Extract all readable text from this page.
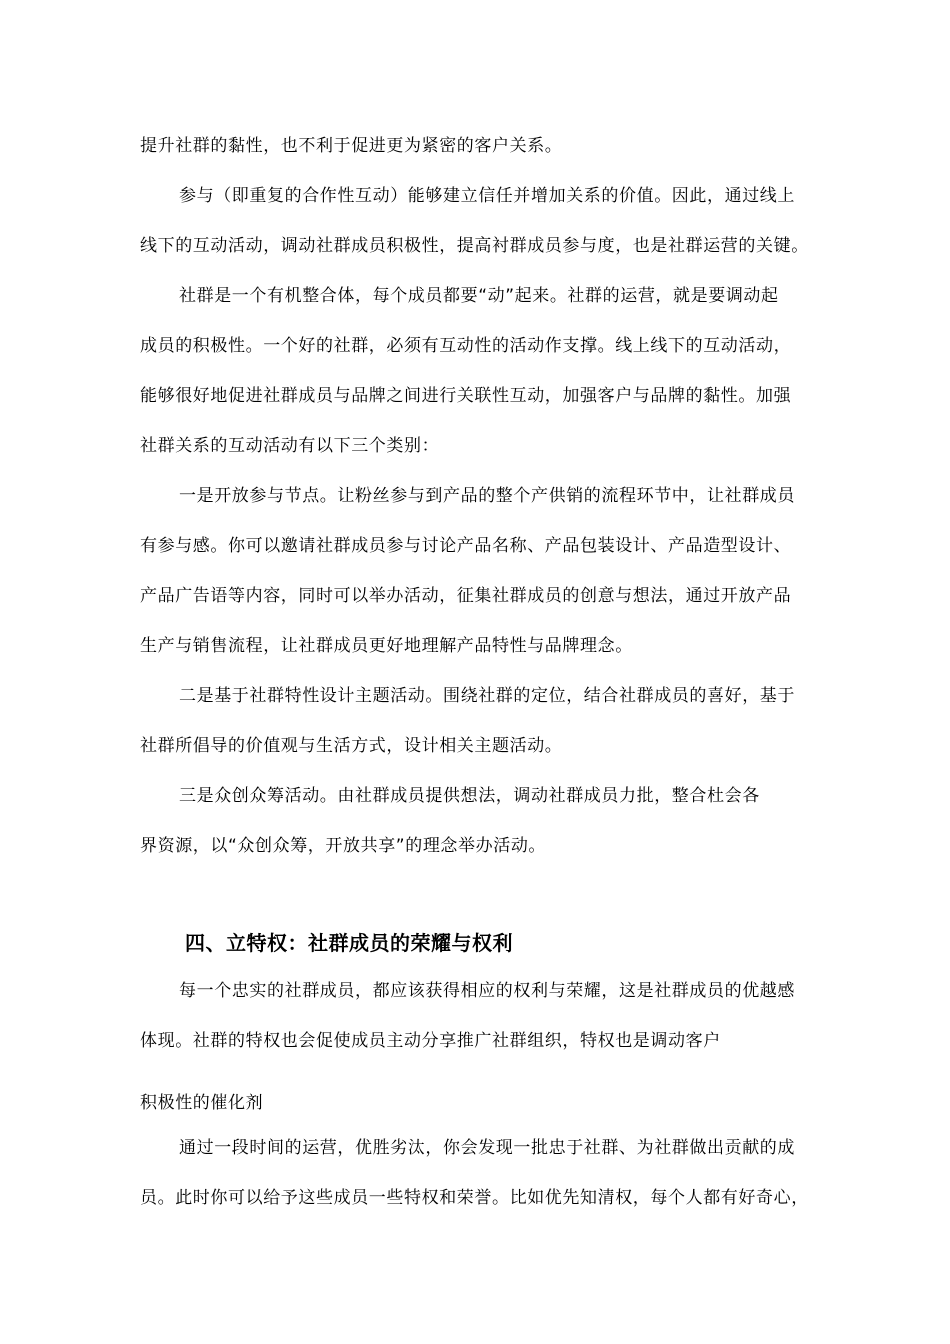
提升社群的黏性，也不利于促进更为紧密的客户关系。
参与（即重复的合作性互动）能够建立信任并增加关系的价值。因此，通过线上
线下的互动活动，调动社群成员积极性，提高衬群成员参与度，也是社群运营的关键。
社群是一个有机整合体，每个成员都要“动”起来。社群的运营，就是要调动起
成员的积极性。一个好的社群，必须有互动性的活动作支撑。线上线下的互动活动，
能够很好地促进社群成员与品牌之间进行关联性互动，加强客户与品牌的黏性。加强
社群关系的互动活动有以下三个类别：
一是开放参与节点。让粉丝参与到产品的整个产供销的流程环节中，让社群成员
有参与感。你可以邀请社群成员参与讨论产品名称、产品包装设计、产品造型设计、
产品广告语等内容，同时可以举办活动，征集社群成员的创意与想法，通过开放产品
生产与销售流程，让社群成员更好地理解产品特性与品牌理念。
二是基于社群特性设计主题活动。围绕社群的定位，结合社群成员的喜好，基于
社群所倡导的价值观与生活方式，设计相关主题活动。
三是众创众筹活动。由社群成员提供想法，调动社群成员力批，整合杜会各
界资源，以“众创众筹，开放共享”的理念举办活动。
四、立特权：社群成员的荣耀与权利
每一个忠实的社群成员，都应该获得相应的权利与荣耀，这是社群成员的优越感
体现。社群的特权也会促使成员主动分享推广社群组织，特权也是调动客户
积极性的催化剂
通过一段时间的运营，优胜劣汰，你会发现一批忠于社群、为社群做出贡献的成
员。此时你可以给予这些成员一些特权和荣誉。比如优先知清权，每个人都有好奇心，
